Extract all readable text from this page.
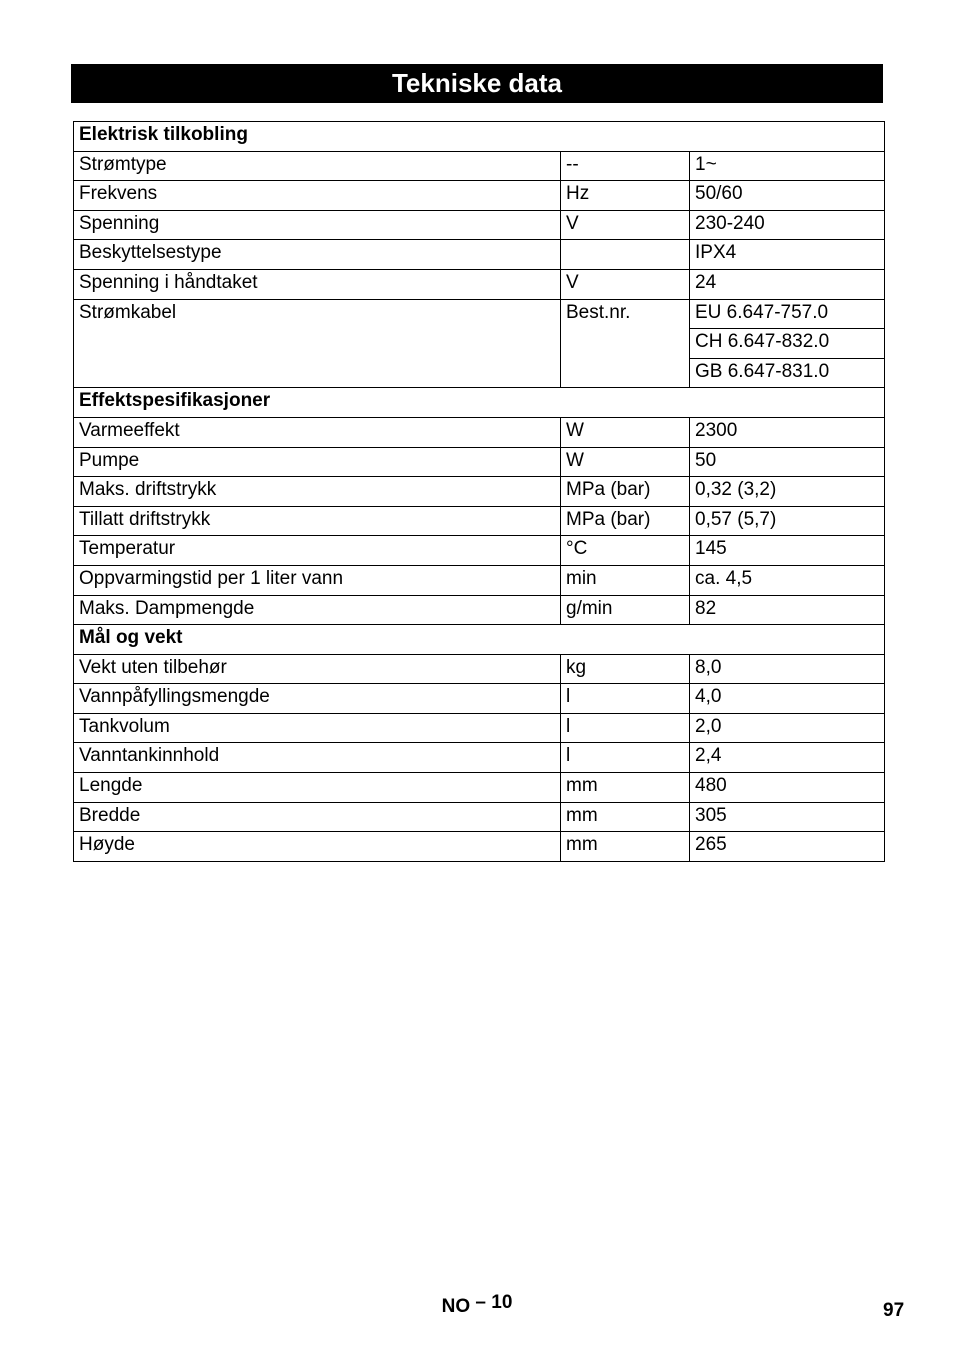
Tekniske data
Elektrisk tilkobling		
Strømtype	--	1~
Frekvens	Hz	50/60
Spenning	V	230-240
Beskyttelsestype		IPX4
Spenning i håndtaket	V	24
Strømkabel	Best.nr.	EU 6.647-757.0
		CH 6.647-832.0
		GB 6.647-831.0
Effektspesifikasjoner		
Varmeeffekt	W	2300
Pumpe	W	50
Maks. driftstrykk	MPa (bar)	0,32 (3,2)
Tillatt driftstrykk	MPa (bar)	0,57 (5,7)
Temperatur	°C	145
Oppvarmingstid per 1 liter vann	min	ca. 4,5
Maks. Dampmengde	g/min	82
Mål og vekt		
Vekt uten tilbehør	kg	8,0
Vannpåfyllingsmengde	l	4,0
Tankvolum	l	2,0
Vanntankinnhold	l	2,4
Lengde	mm	480
Bredde	mm	305
Høyde	mm	265
NO – 10	97
